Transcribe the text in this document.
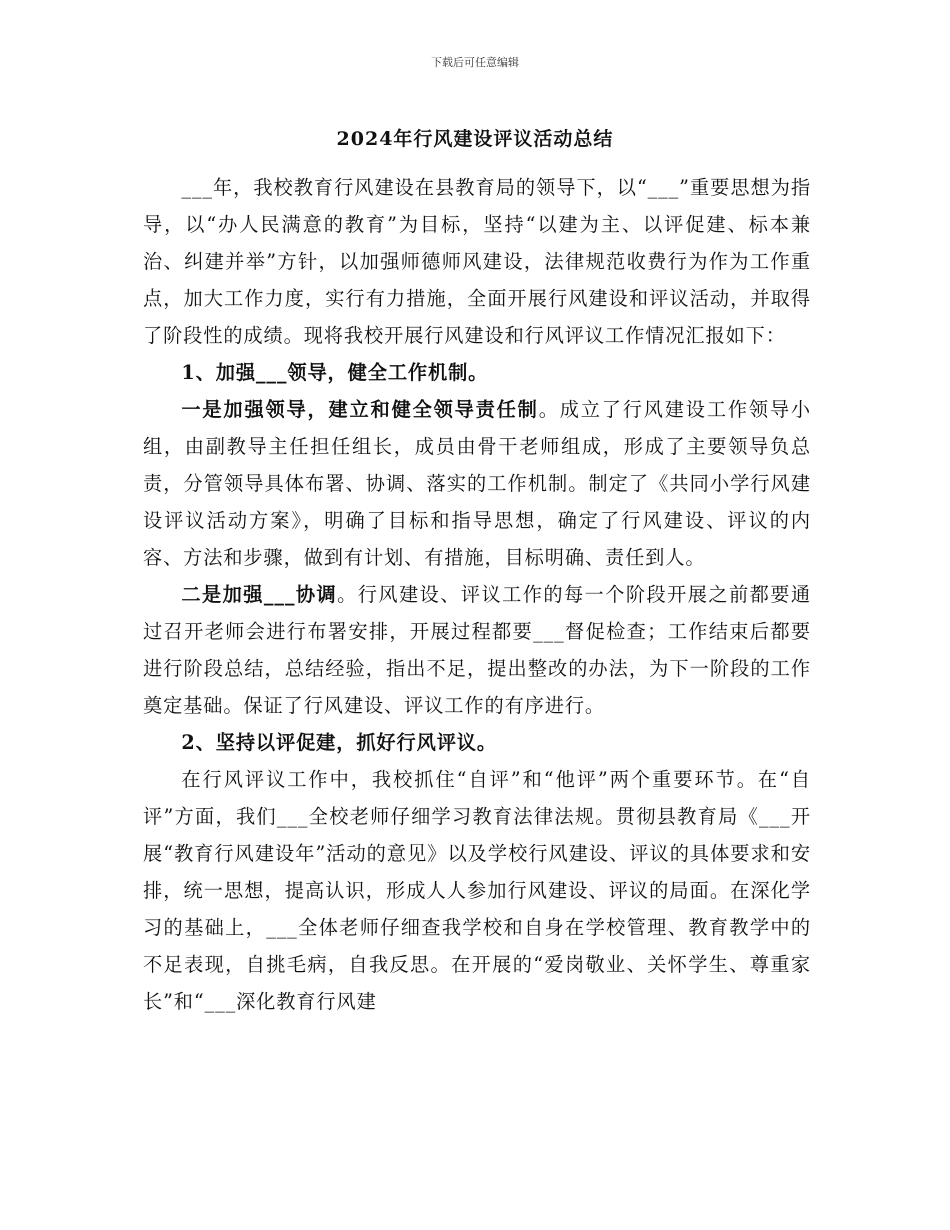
下载后可任意编辑
2024年行风建设评议活动总结

___年，我校教育行风建设在县教育局的领导下，以“___”重要思想为指导，以“办人民满意的教育”为目标，坚持“以建为主、以评促建、标本兼治、纠建并举”方针，以加强师德师风建设，法律规范收费行为作为工作重点，加大工作力度，实行有力措施，全面开展行风建设和评议活动，并取得了阶段性的成绩。现将我校开展行风建设和行风评议工作情况汇报如下：

1、加强___领导，健全工作机制。

一是加强领导，建立和健全领导责任制。成立了行风建设工作领导小组，由副教导主任担任组长，成员由骨干老师组成，形成了主要领导负总责，分管领导具体布署、协调、落实的工作机制。制定了《共同小学行风建设评议活动方案》，明确了目标和指导思想，确定了行风建设、评议的内容、方法和步骤，做到有计划、有措施，目标明确、责任到人。

二是加强___协调。行风建设、评议工作的每一个阶段开展之前都要通过召开老师会进行布署安排，开展过程都要___督促检查；工作结束后都要进行阶段总结，总结经验，指出不足，提出整改的办法，为下一阶段的工作奠定基础。保证了行风建设、评议工作的有序进行。

2、坚持以评促建，抓好行风评议。

在行风评议工作中，我校抓住“自评”和“他评”两个重要环节。在“自评”方面，我们___全校老师仔细学习教育法律法规。贯彻县教育局《___开展“教育行风建设年”活动的意见》以及学校行风建设、评议的具体要求和安排，统一思想，提高认识，形成人人参加行风建设、评议的局面。在深化学习的基础上，___全体老师仔细查我学校和自身在学校管理、教育教学中的不足表现，自挑毛病，自我反思。在开展的“爱岗敬业、关怀学生、尊重家长”和“___深化教育行风建
